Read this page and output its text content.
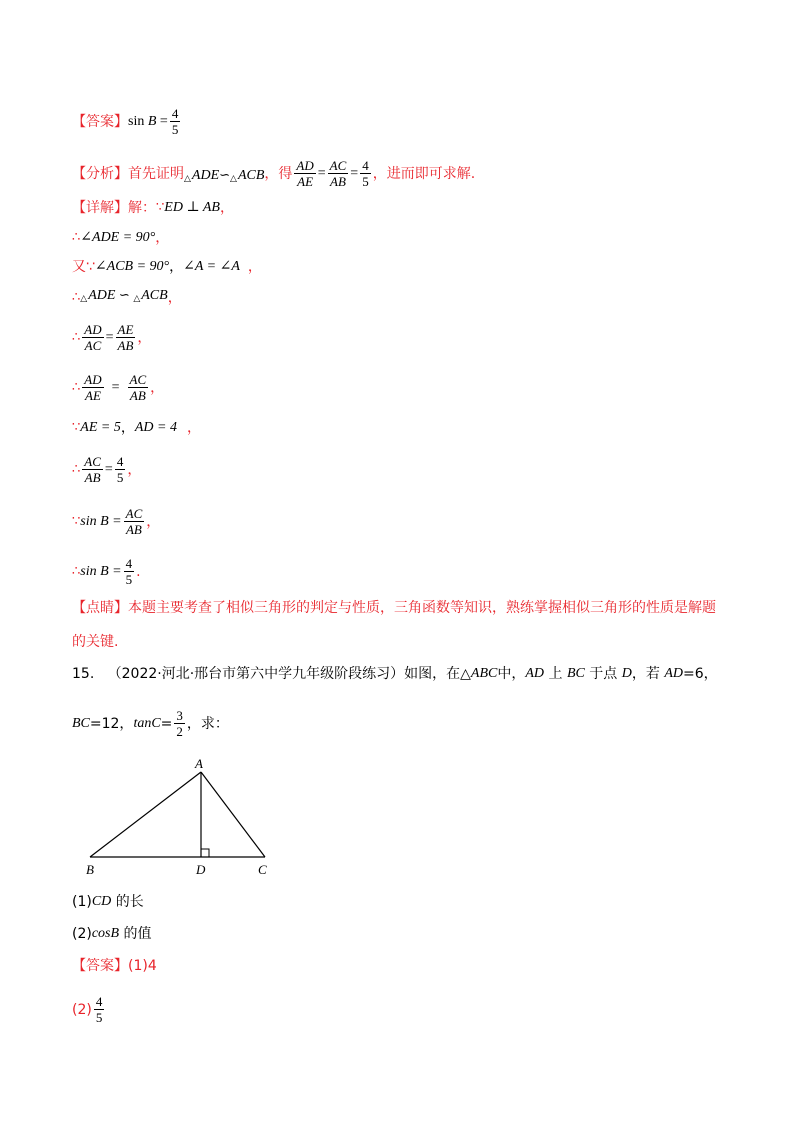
【答案】 $\sin B = \frac{4}{5}$
【分析】 首先证明 △ADE∽△ACB ，得 $\frac{AD}{AE} = \frac{AC}{AB} = \frac{4}{5}$ ，进而即可求解.
【详解】 解： ∵ ED ⊥ AB ，
∴ ∠ADE = 90° ，
又∵ ∠ACB = 90° ， ∠A = ∠A ，
∴ △ADE ∽ △ACB ，
∴ $\frac{AD}{AC} = \frac{AE}{AB}$ ，
∴ $\frac{AD}{AE} = \frac{AC}{AB}$ ，
∵ AE = 5 ， AD = 4 ，
∴ $\frac{AC}{AB} = \frac{4}{5}$ ，
∵ $\sin B = \frac{AC}{AB}$ ，
∴ $\sin B = \frac{4}{5}$ .
【点睛】 本题主要考查了相似三角形的判定与性质，三角函数等知识，熟练掌握相似三角形的性质是解题
的关键.
15.
（2022·河北·邢台市第六中学九年级阶段练习）如图，在△ ABC 中， AD
上
BC
于点
D ，若
AD =6，
BC =12， $\tan C = \frac{3}{2}$ ，求：
A
B	D	C
(1) CD
的长
(2) cosB
的值
【答案】 (1)4
$(2) \frac{4}{5}$
